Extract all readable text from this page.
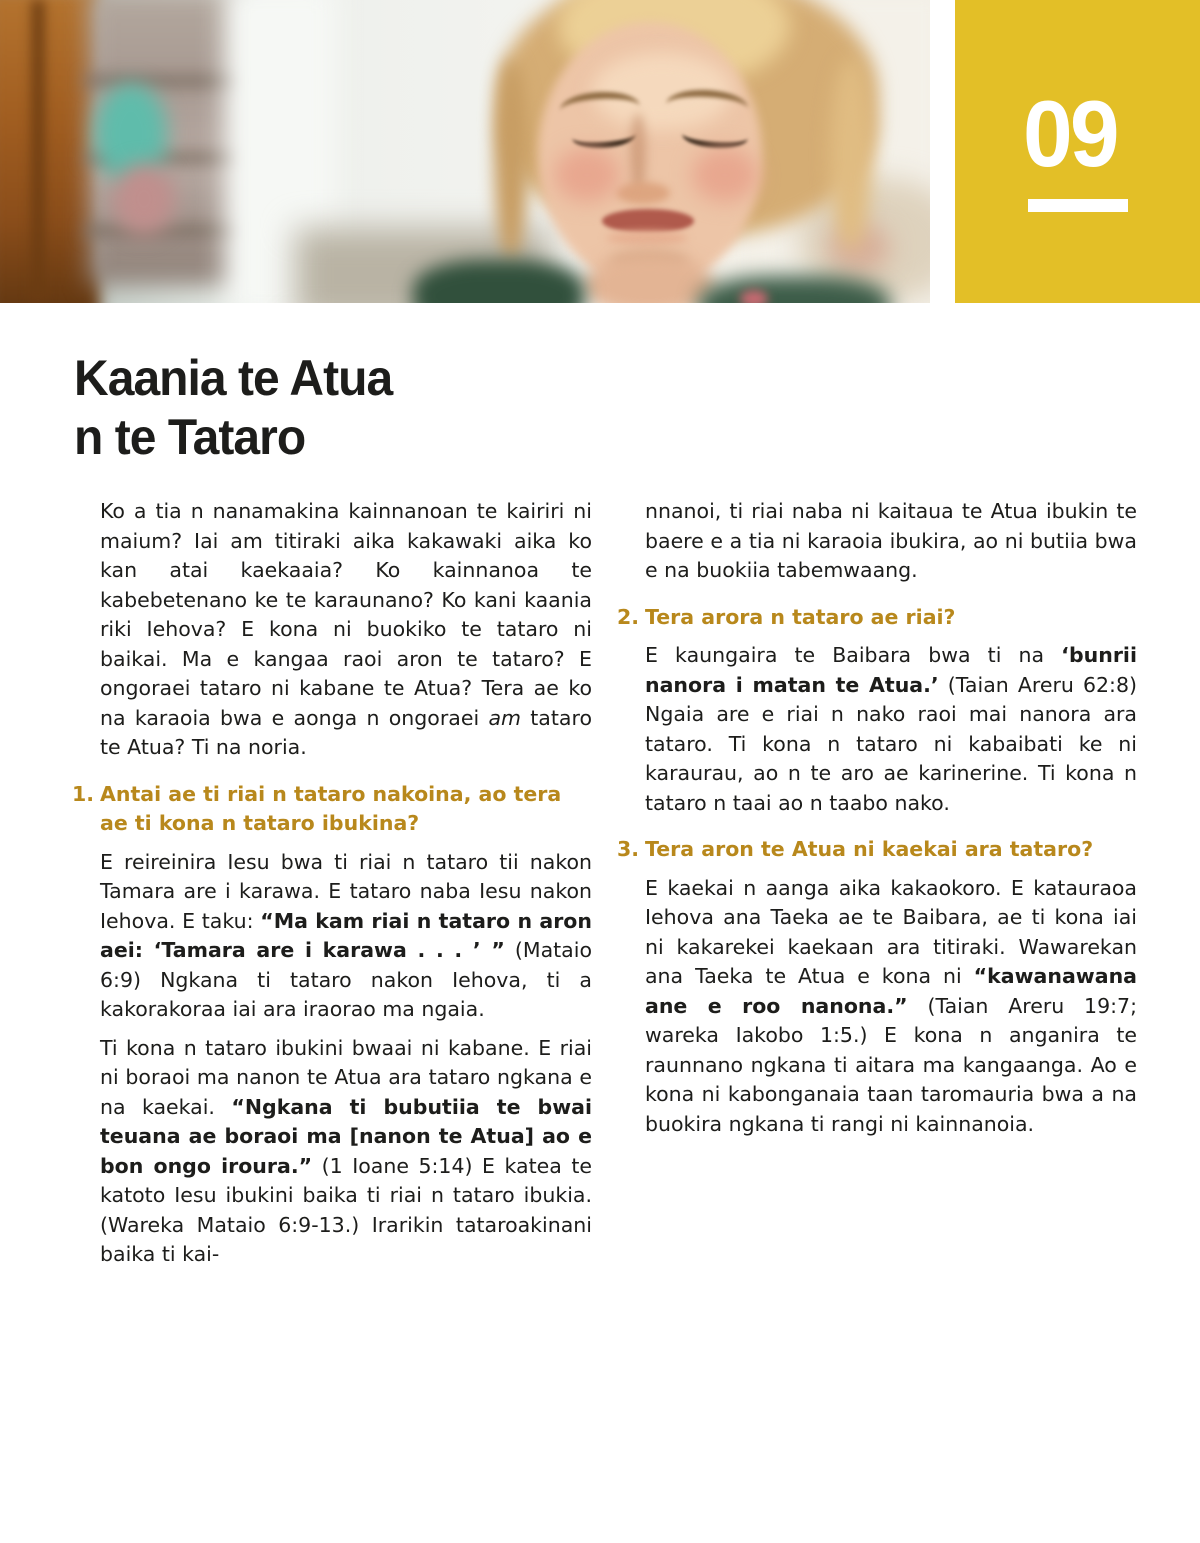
09

Kaania te Atua
n te Tataro

Ko a tia n nanamakina kainnanoan te kairiri ni maium? Iai am titiraki aika kakawaki aika ko kan atai kaekaaia? Ko kainnanoa te kabebetenano ke te karaunano? Ko kani kaania riki Iehova? E kona ni buokiko te tataro ni baikai. Ma e kangaa raoi aron te tataro? E ongoraei tataro ni kabane te Atua? Tera ae ko na karaoia bwa e aonga n ongoraei am tataro te Atua? Ti na noria.

1. Antai ae ti riai n tataro nakoina, ao tera ae ti kona n tataro ibukina?

E reireinira Iesu bwa ti riai n tataro tii nakon Tamara are i karawa. E tataro naba Iesu nakon Iehova. E taku: “Ma kam riai n tataro n aron aei: ‘Tamara are i karawa . . . ’ ” (Mataio 6:9) Ngkana ti tataro nakon Iehova, ti a kakorakoraa iai ara iraorao ma ngaia.

Ti kona n tataro ibukini bwaai ni kabane. E riai ni boraoi ma nanon te Atua ara tataro ngkana e na kaekai. “Ngkana ti bubutiia te bwai teuana ae boraoi ma [nanon te Atua] ao e bon ongo iroura.” (1 Ioane 5:14) E katea te katoto Iesu ibukini baika ti riai n tataro ibukia. (Wareka Mataio 6:9-13.) Irarikin tataroakinani baika ti kai-

nnanoi, ti riai naba ni kaitaua te Atua ibukin te baere e a tia ni karaoia ibukira, ao ni butiia bwa e na buokiia tabemwaang.

2. Tera arora n tataro ae riai?

E kaungaira te Baibara bwa ti na ‘bunrii nanora i matan te Atua.’ (Taian Areru 62:8) Ngaia are e riai n nako raoi mai nanora ara tataro. Ti kona n tataro ni kabaibati ke ni karaurau, ao n te aro ae karinerine. Ti kona n tataro n taai ao n taabo nako.

3. Tera aron te Atua ni kaekai ara tataro?

E kaekai n aanga aika kakaokoro. E katauraoa Iehova ana Taeka ae te Baibara, ae ti kona iai ni kakarekei kaekaan ara titiraki. Wawarekan ana Taeka te Atua e kona ni “kawanawana ane e roo nanona.” (Taian Areru 19:7; wareka Iakobo 1:5.) E kona n anganira te raunnano ngkana ti aitara ma kangaanga. Ao e kona ni kabonganaia taan taromauria bwa a na buokira ngkana ti rangi ni kainnanoia.
